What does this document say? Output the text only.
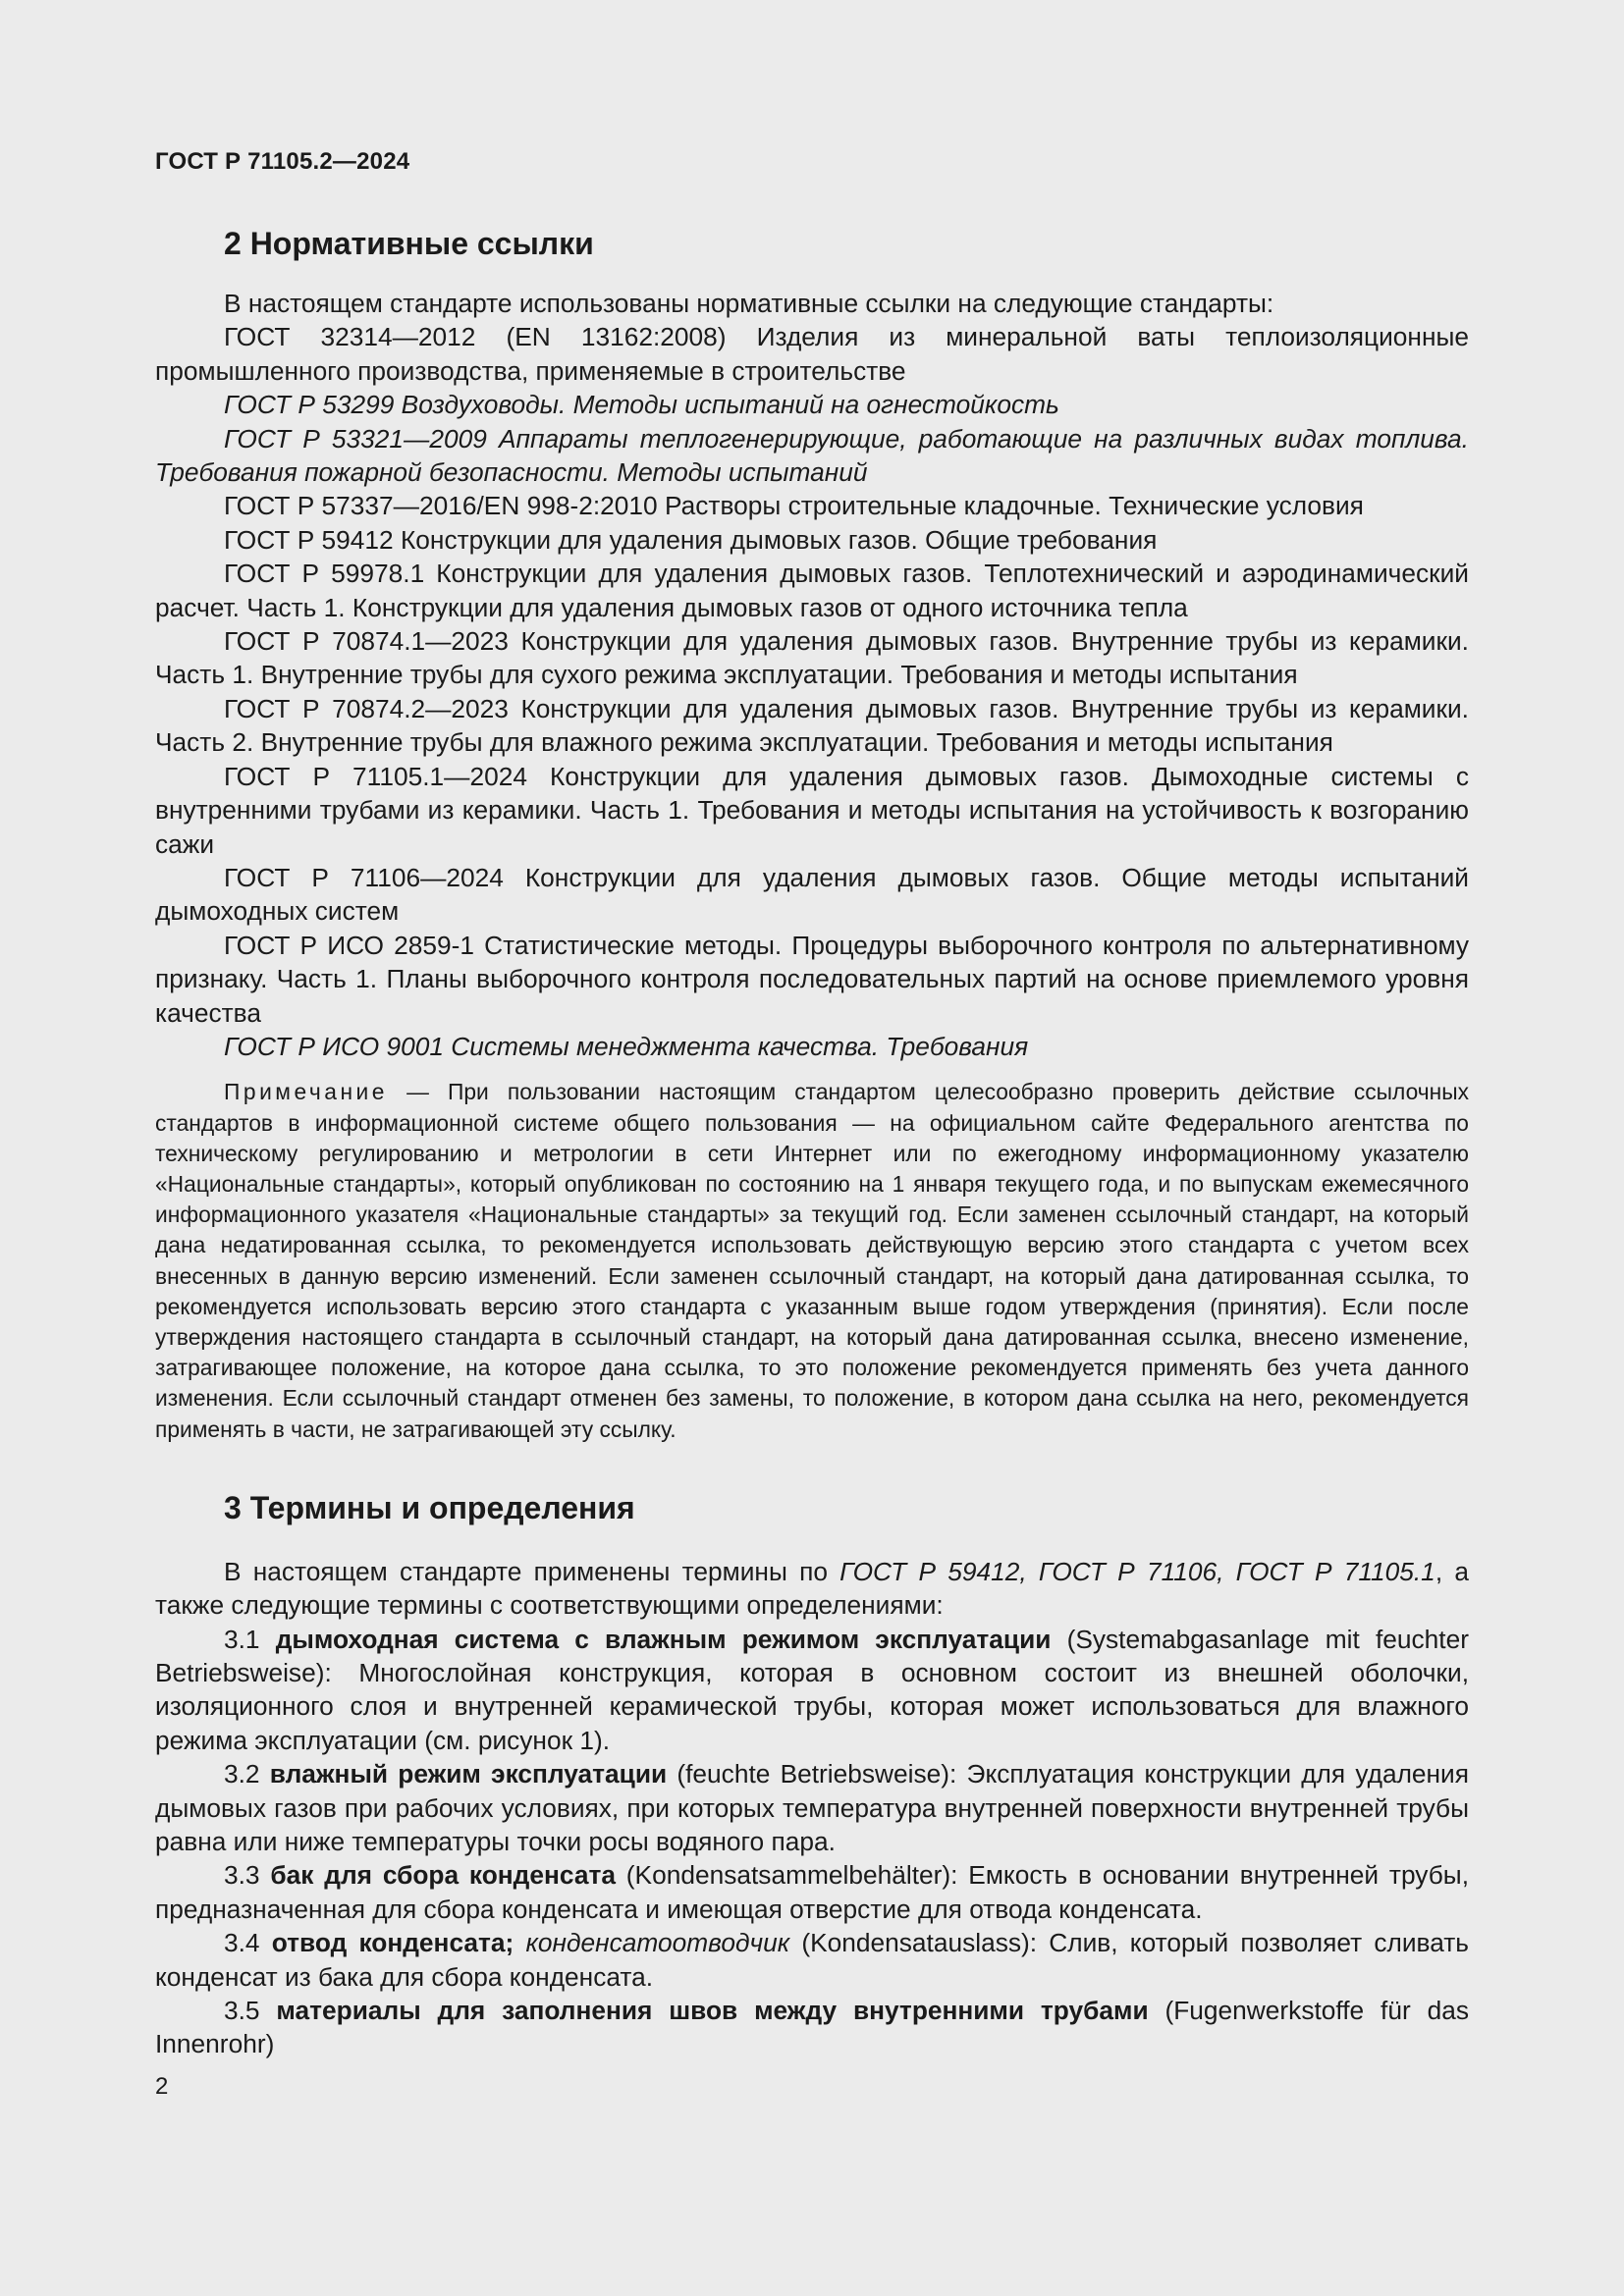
ГОСТ Р 71105.2—2024
2 Нормативные ссылки

В настоящем стандарте использованы нормативные ссылки на следующие стандарты:

ГОСТ 32314—2012 (EN 13162:2008) Изделия из минеральной ваты теплоизоляционные промышленного производства, применяемые в строительстве

ГОСТ Р 53299 Воздуховоды. Методы испытаний на огнестойкость

ГОСТ Р 53321—2009 Аппараты теплогенерирующие, работающие на различных видах топлива. Требования пожарной безопасности. Методы испытаний

ГОСТ Р 57337—2016/EN 998-2:2010 Растворы строительные кладочные. Технические условия

ГОСТ Р 59412 Конструкции для удаления дымовых газов. Общие требования

ГОСТ Р 59978.1 Конструкции для удаления дымовых газов. Теплотехнический и аэродинамический расчет. Часть 1. Конструкции для удаления дымовых газов от одного источника тепла

ГОСТ Р 70874.1—2023 Конструкции для удаления дымовых газов. Внутренние трубы из керамики. Часть 1. Внутренние трубы для сухого режима эксплуатации. Требования и методы испытания

ГОСТ Р 70874.2—2023 Конструкции для удаления дымовых газов. Внутренние трубы из керамики. Часть 2. Внутренние трубы для влажного режима эксплуатации. Требования и методы испытания

ГОСТ Р 71105.1—2024 Конструкции для удаления дымовых газов. Дымоходные системы с внутренними трубами из керамики. Часть 1. Требования и методы испытания на устойчивость к возгоранию сажи

ГОСТ Р 71106—2024 Конструкции для удаления дымовых газов. Общие методы испытаний дымоходных систем

ГОСТ Р ИСО 2859-1 Статистические методы. Процедуры выборочного контроля по альтернативному признаку. Часть 1. Планы выборочного контроля последовательных партий на основе приемлемого уровня качества

ГОСТ Р ИСО 9001 Системы менеджмента качества. Требования

Примечание — При пользовании настоящим стандартом целесообразно проверить действие ссылочных стандартов в информационной системе общего пользования — на официальном сайте Федерального агентства по техническому регулированию и метрологии в сети Интернет или по ежегодному информационному указателю «Национальные стандарты», который опубликован по состоянию на 1 января текущего года, и по выпускам ежемесячного информационного указателя «Национальные стандарты» за текущий год. Если заменен ссылочный стандарт, на который дана недатированная ссылка, то рекомендуется использовать действующую версию этого стандарта с учетом всех внесенных в данную версию изменений. Если заменен ссылочный стандарт, на который дана датированная ссылка, то рекомендуется использовать версию этого стандарта с указанным выше годом утверждения (принятия). Если после утверждения настоящего стандарта в ссылочный стандарт, на который дана датированная ссылка, внесено изменение, затрагивающее положение, на которое дана ссылка, то это положение рекомендуется применять без учета данного изменения. Если ссылочный стандарт отменен без замены, то положение, в котором дана ссылка на него, рекомендуется применять в части, не затрагивающей эту ссылку.
3 Термины и определения

В настоящем стандарте применены термины по ГОСТ Р 59412, ГОСТ Р 71106, ГОСТ Р 71105.1, а также следующие термины с соответствующими определениями:

3.1 дымоходная система с влажным режимом эксплуатации (Systemabgasanlage mit feuchter Betriebsweise): Многослойная конструкция, которая в основном состоит из внешней оболочки, изоляционного слоя и внутренней керамической трубы, которая может использоваться для влажного режима эксплуатации (см. рисунок 1).

3.2 влажный режим эксплуатации (feuchte Betriebsweise): Эксплуатация конструкции для удаления дымовых газов при рабочих условиях, при которых температура внутренней поверхности внутренней трубы равна или ниже температуры точки росы водяного пара.

3.3 бак для сбора конденсата (Kondensatsammelbehälter): Емкость в основании внутренней трубы, предназначенная для сбора конденсата и имеющая отверстие для отвода конденсата.

3.4 отвод конденсата; конденсатоотводчик (Kondensatauslass): Слив, который позволяет сливать конденсат из бака для сбора конденсата.

3.5 материалы для заполнения швов между внутренними трубами (Fugenwerkstoffe für das Innenrohr)

2
